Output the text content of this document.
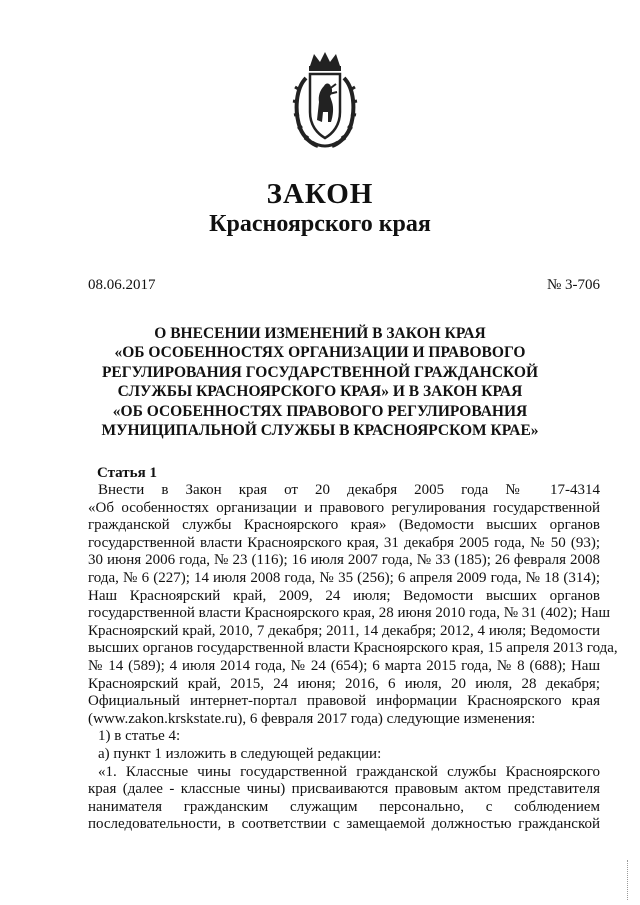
ЗАКОН
Красноярского края
08.06.2017	№ 3-706
О ВНЕСЕНИИ ИЗМЕНЕНИЙ В ЗАКОН КРАЯ
«ОБ ОСОБЕННОСТЯХ ОРГАНИЗАЦИИ И ПРАВОВОГО
РЕГУЛИРОВАНИЯ ГОСУДАРСТВЕННОЙ ГРАЖДАНСКОЙ
СЛУЖБЫ КРАСНОЯРСКОГО КРАЯ» И В ЗАКОН КРАЯ
«ОБ ОСОБЕННОСТЯХ ПРАВОВОГО РЕГУЛИРОВАНИЯ
МУНИЦИПАЛЬНОЙ СЛУЖБЫ В КРАСНОЯРСКОМ КРАЕ»
Статья 1
Внести в Закон края от 20 декабря 2005 года № 17-4314
«Об особенностях организации и правового регулирования государственной
гражданской службы Красноярского края» (Ведомости высших органов
государственной власти Красноярского края, 31 декабря 2005 года, № 50 (93);
30 июня 2006 года, № 23 (116); 16 июля 2007 года, № 33 (185); 26 февраля 2008
года, № 6 (227); 14 июля 2008 года, № 35 (256); 6 апреля 2009 года, № 18 (314);
Наш Красноярский край, 2009, 24 июля; Ведомости высших органов
государственной власти Красноярского края, 28 июня 2010 года, № 31 (402); Наш
Красноярский край, 2010, 7 декабря; 2011, 14 декабря; 2012, 4 июля; Ведомости
высших органов государственной власти Красноярского края, 15 апреля 2013 года,
№ 14 (589); 4 июля 2014 года, № 24 (654); 6 марта 2015 года, № 8 (688); Наш
Красноярский край, 2015, 24 июня; 2016, 6 июля, 20 июля, 28 декабря;
Официальный интернет-портал правовой информации Красноярского края
(www.zakon.krskstate.ru), 6 февраля 2017 года) следующие изменения:
1) в статье 4:
а) пункт 1 изложить в следующей редакции:
«1. Классные чины государственной гражданской службы Красноярского
края (далее - классные чины) присваиваются правовым актом представителя
нанимателя гражданским служащим персонально, с соблюдением
последовательности, в соответствии с замещаемой должностью гражданской
